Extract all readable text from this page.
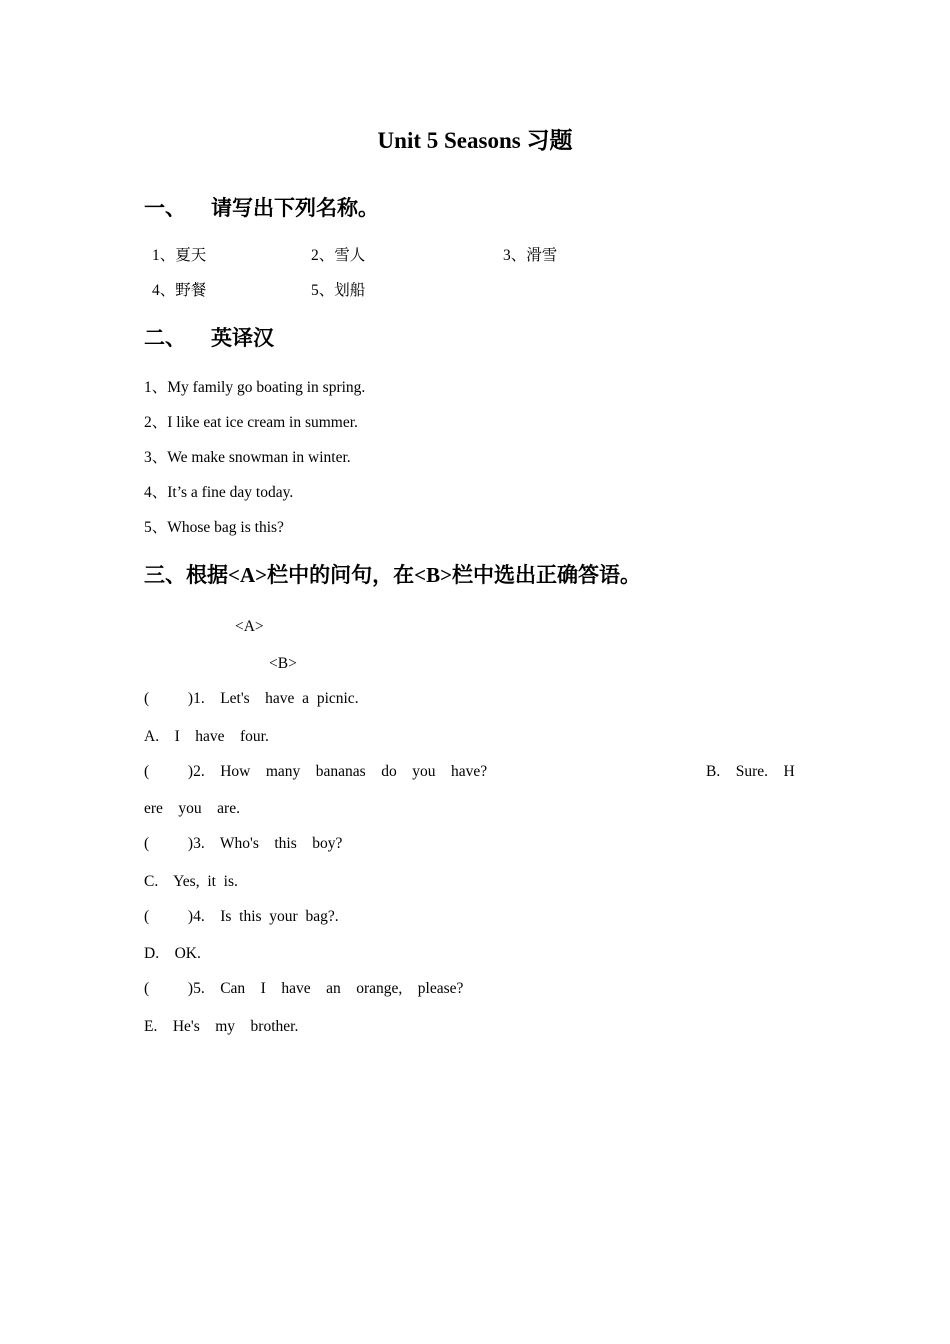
Unit 5 Seasons 习题
一、 请写出下列名称。
1、夏天	2、雪人	3、滑雪
4、野餐	5、划船
二、 英译汉
1、My family go boating in spring.
2、I like eat ice cream in summer.
3、We make snowman in winter.
4、It’s a fine day today.
5、Whose bag is this?
三、根据<A>栏中的问句，在<B>栏中选出正确答语。
<A>
<B>
(          )1.    Let's    have  a  picnic.
A.    I    have    four.
(          )2.    How    many    bananas    do    you    have?	B.    Sure.    H
ere    you    are.
(          )3.    Who's    this    boy?
C.    Yes,  it  is.
(          )4.    Is  this  your  bag?.
D.    OK.
(          )5.    Can    I    have    an    orange,    please?
E.    He's    my    brother.
